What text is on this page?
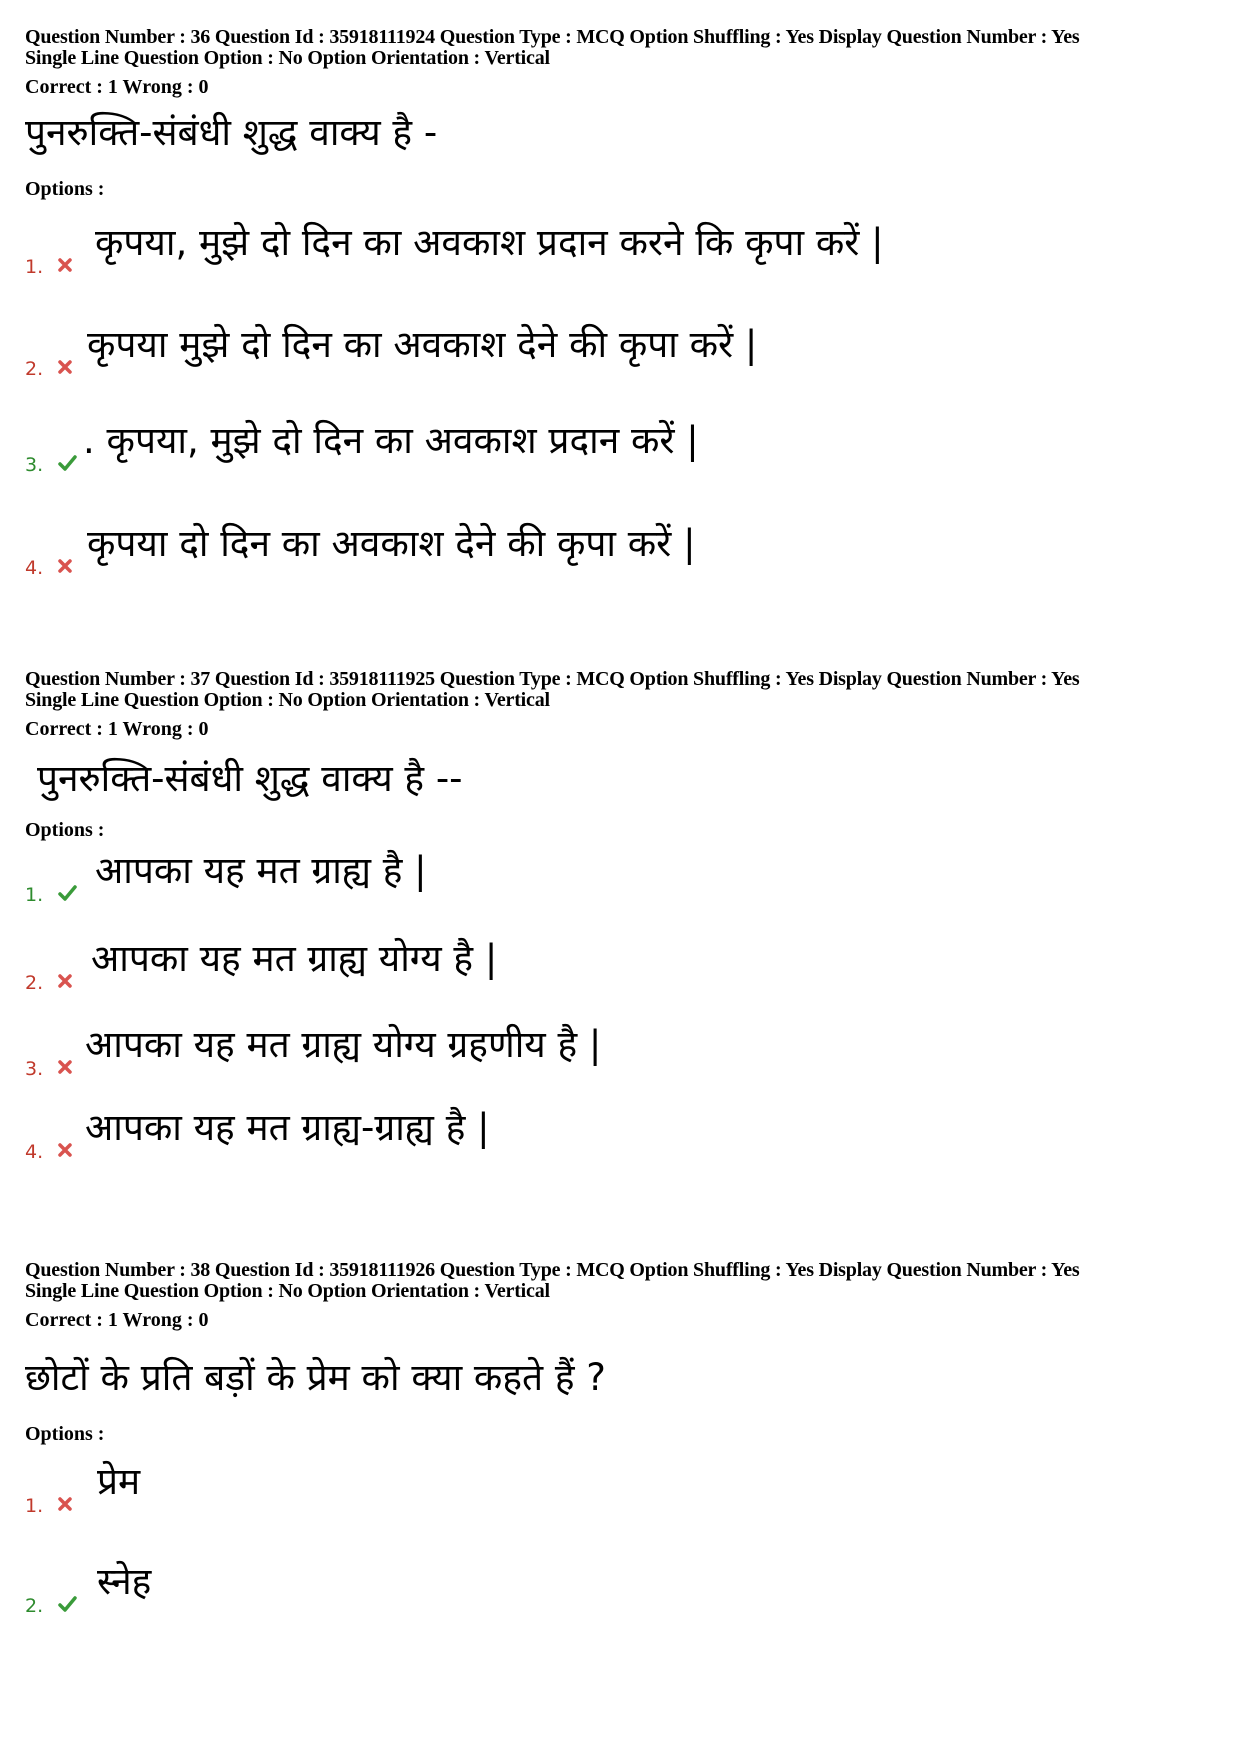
Question Number : 36 Question Id : 35918111924 Question Type : MCQ Option Shuffling : Yes Display Question Number : Yes
Single Line Question Option : No Option Orientation : Vertical
Correct : 1 Wrong : 0
पुनरुक्ति-संबंधी शुद्ध वाक्य है -
Options :
1.
कृपया, मुझे दो दिन का अवकाश प्रदान करने कि कृपा करें |
2.
कृपया मुझे दो दिन का अवकाश देने की कृपा करें |
3.
. कृपया, मुझे दो दिन का अवकाश प्रदान करें |
4.
कृपया दो दिन का अवकाश देने की कृपा करें |
Question Number : 37 Question Id : 35918111925 Question Type : MCQ Option Shuffling : Yes Display Question Number : Yes
Single Line Question Option : No Option Orientation : Vertical
Correct : 1 Wrong : 0
पुनरुक्ति-संबंधी शुद्ध वाक्य है --
Options :
1.
आपका यह मत ग्राह्य है |
2.
आपका यह मत ग्राह्य योग्य है |
3.
आपका यह मत ग्राह्य योग्य ग्रहणीय है |
4.
आपका यह मत ग्राह्य-ग्राह्य है |
Question Number : 38 Question Id : 35918111926 Question Type : MCQ Option Shuffling : Yes Display Question Number : Yes
Single Line Question Option : No Option Orientation : Vertical
Correct : 1 Wrong : 0
छोटों के प्रति बड़ों के प्रेम को क्या कहते हैं ?
Options :
1.
प्रेम
2.
स्नेह
